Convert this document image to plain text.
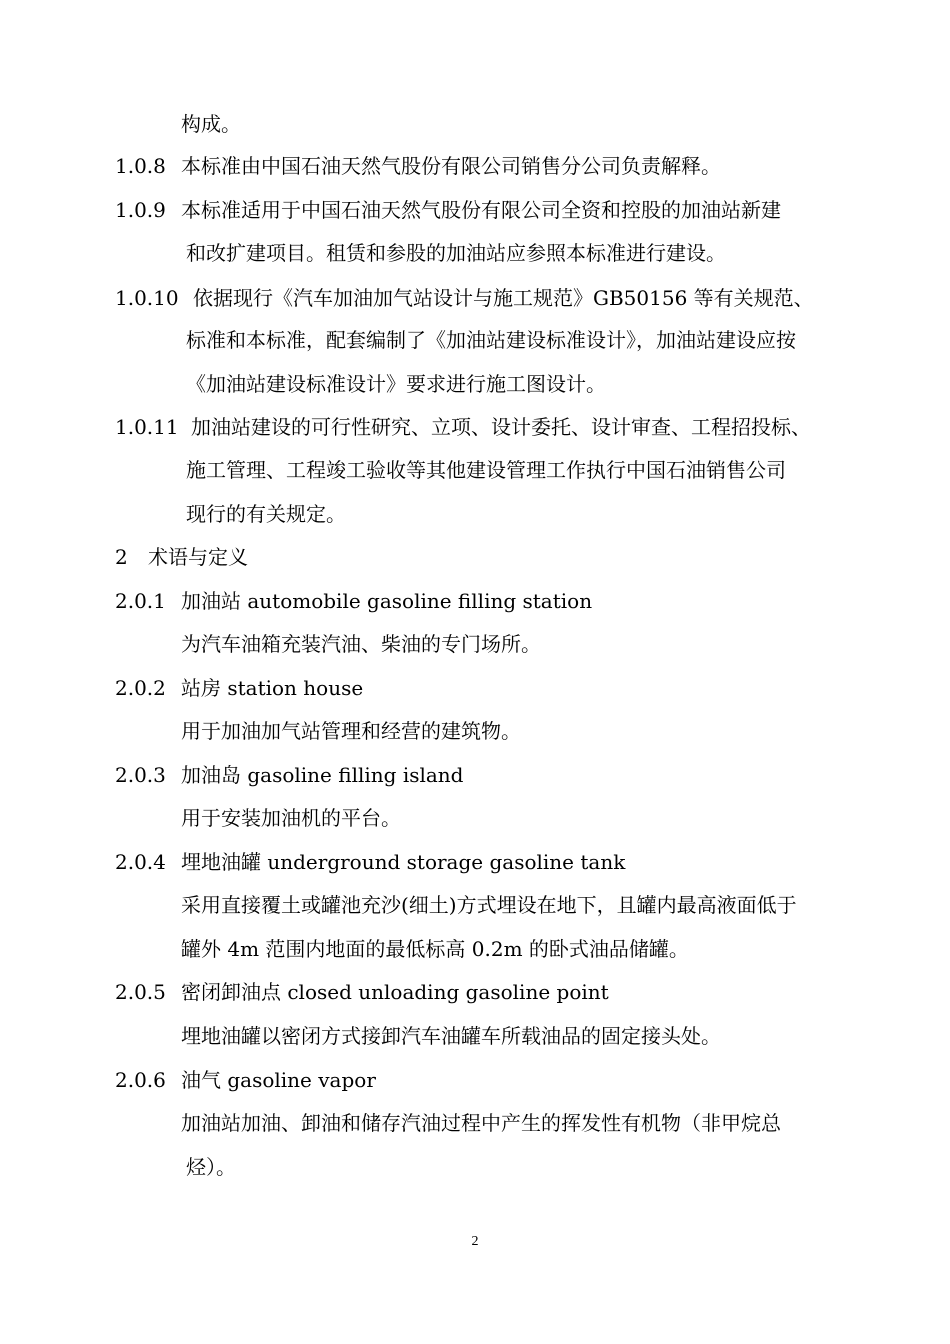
构成。
1.0.8 本标准由中国石油天然气股份有限公司销售分公司负责解释。
1.0.9 本标准适用于中国石油天然气股份有限公司全资和控股的加油站新建
和改扩建项目。租赁和参股的加油站应参照本标准进行建设。
1.0.10 依据现行《汽车加油加气站设计与施工规范》GB50156 等有关规范、
标准和本标准，配套编制了《加油站建设标准设计》，加油站建设应按
《加油站建设标准设计》要求进行施工图设计。
1.0.11 加油站建设的可行性研究、立项、设计委托、设计审查、工程招投标、
施工管理、工程竣工验收等其他建设管理工作执行中国石油销售公司
现行的有关规定。
2 术语与定义
2.0.1 加油站 automobile gasoline filling station
为汽车油箱充装汽油、柴油的专门场所。
2.0.2 站房 station house
用于加油加气站管理和经营的建筑物。
2.0.3 加油岛 gasoline filling island
用于安装加油机的平台。
2.0.4 埋地油罐 underground storage gasoline tank
采用直接覆土或罐池充沙(细土)方式埋设在地下，且罐内最高液面低于
罐外 4m 范围内地面的最低标高 0.2m 的卧式油品储罐。
2.0.5 密闭卸油点 closed unloading gasoline point
埋地油罐以密闭方式接卸汽车油罐车所载油品的固定接头处。
2.0.6 油气 gasoline vapor
加油站加油、卸油和储存汽油过程中产生的挥发性有机物（非甲烷总
烃）。
2
